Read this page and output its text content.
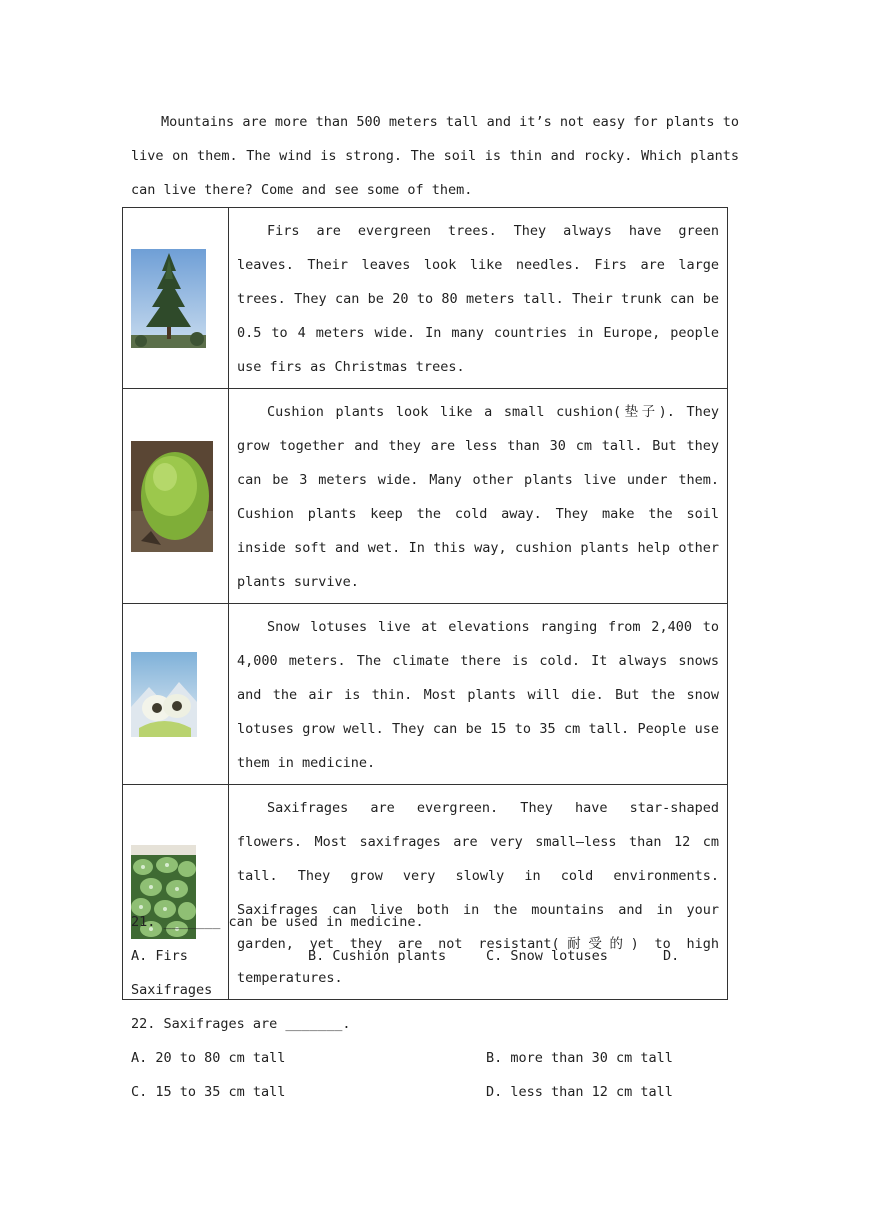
Mountains are more than 500 meters tall and it’s not easy for plants to live on them. The wind is strong. The soil is thin and rocky. Which plants can live there? Come and see some of them.

Firs are evergreen trees. They always have green leaves. Their leaves look like needles. Firs are large trees. They can be 20 to 80 meters tall. Their trunk can be 0.5 to 4 meters wide. In many countries in Europe, people use firs as Christmas trees.

Cushion plants look like a small cushion(垫子). They grow together and they are less than 30 cm tall. But they can be 3 meters wide. Many other plants live under them. Cushion plants keep the cold away. They make the soil inside soft and wet. In this way, cushion plants help other plants survive.

Snow lotuses live at elevations ranging from 2,400 to 4,000 meters. The climate there is cold. It always snows and the air is thin. Most plants will die. But the snow lotuses grow well. They can be 15 to 35 cm tall. People use them in medicine.

Saxifrages are evergreen. They have star-shaped flowers. Most saxifrages are very small—less than 12 cm tall. They grow very slowly in cold environments. Saxifrages can live both in the mountains and in your garden, yet they are not resistant(耐受的) to high temperatures.
21. _______ can be used in medicine.
A. Firs	B. Cushion plants	C. Snow lotuses	D.
Saxifrages
22. Saxifrages are _______.
A. 20 to 80 cm tall	B. more than 30 cm tall
C. 15 to 35 cm tall	D. less than 12 cm tall
